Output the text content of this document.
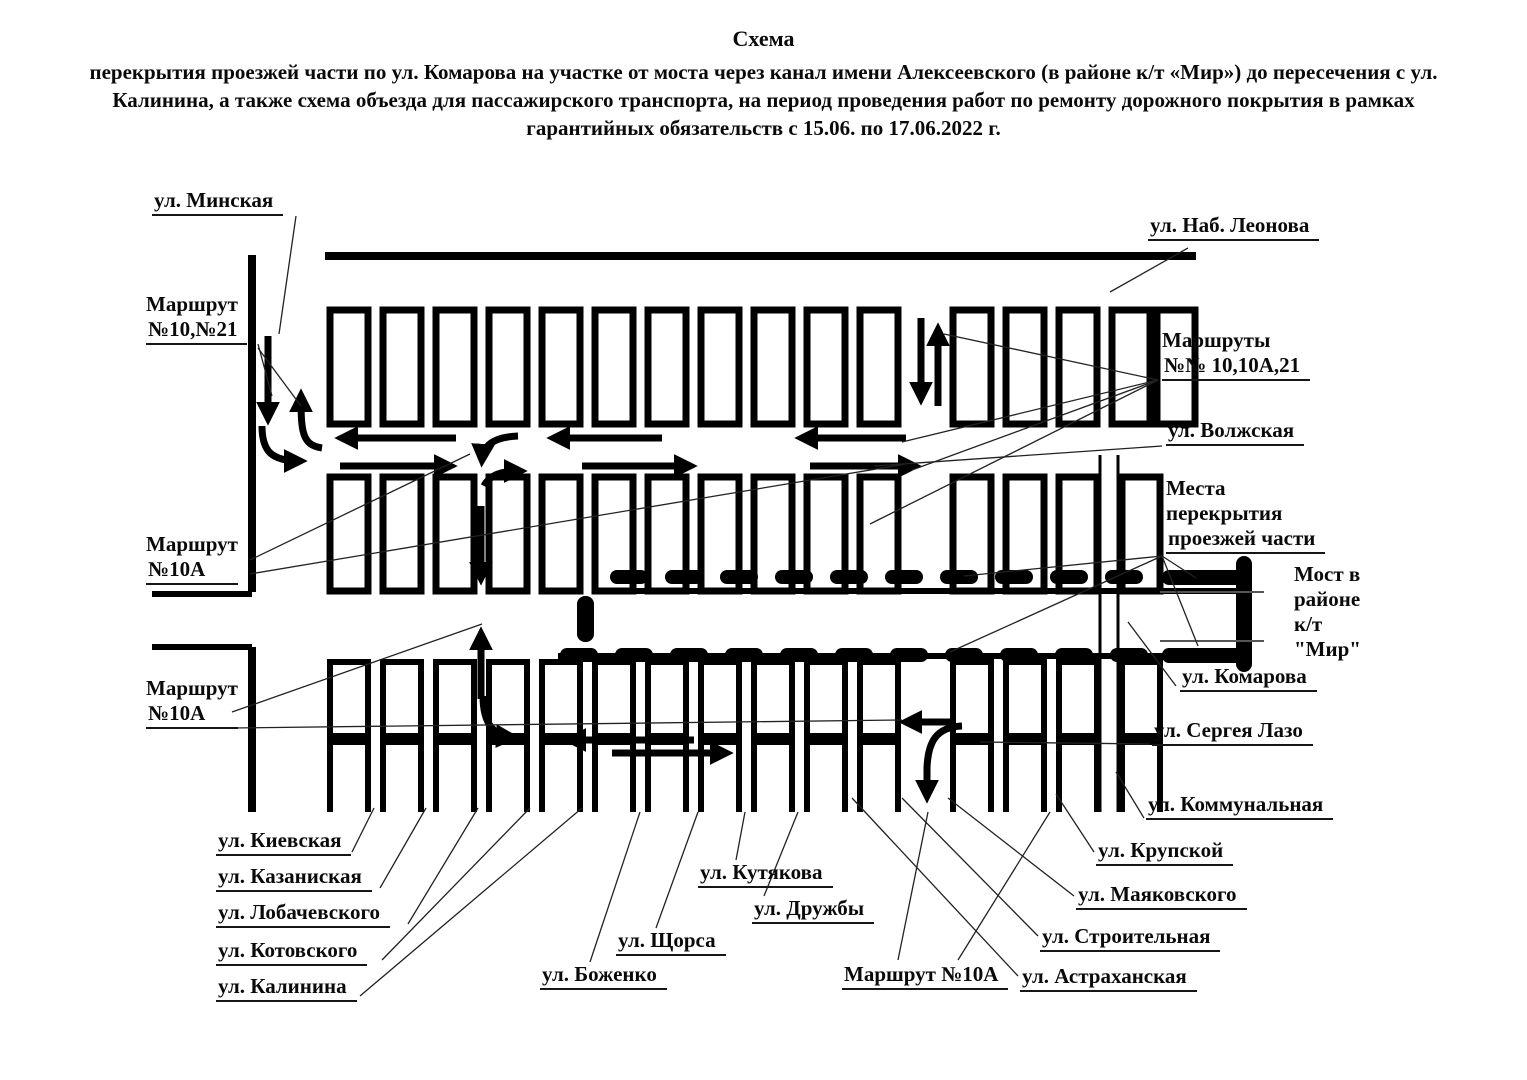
Схема

перекрытия проезжей части по ул. Комарова на участке от моста через канал имени Алексеевского (в районе к/т «Мир») до пересечения с ул. Калинина, а также схема объезда для пассажирского транспорта, на период проведения работ по ремонту дорожного покрытия в рамках гарантийных обязательств с 15.06. по 17.06.2022 г.

ул. Минская
Маршрут
№10,№21
ул. Наб. Леонова
Маршруты
№№ 10,10А,21
ул. Волжская
Места
перекрытия
проезжей части
Мост в
районе
к/т
"Мир"
ул. Комарова
Маршрут
№10А
Маршрут
№10А
ул. Сергея Лазо
ул. Коммунальная
ул. Крупской
ул. Маяковского
ул. Строительная
ул. Астраханская
ул. Киевская
ул. Казаниская
ул. Лобачевского
ул. Котовского
ул. Калинина
ул. Кутякова
ул. Дружбы
ул. Щорса
ул. Боженко	Маршрут №10А
